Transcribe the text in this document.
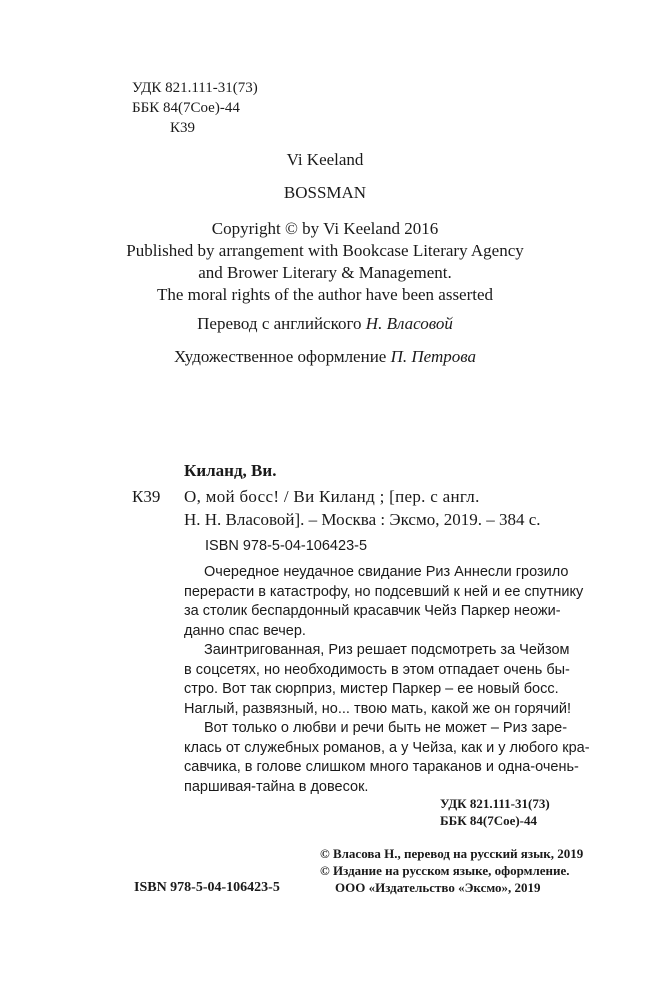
УДК 821.111-31(73)
ББК 84(7Сое)-44
К39
Vi Keeland
BOSSMAN
Copyright © by Vi Keeland 2016
Published by arrangement with Bookcase Literary Agency
and Brower Literary & Management.
The moral rights of the author have been asserted
Перевод с английского Н. Власовой
Художественное оформление П. Петрова
Киланд, Ви.
К39 О, мой босс! / Ви Киланд ; [пер. с англ.
Н. Н. Власовой]. – Москва : Эксмо, 2019. – 384 с.
ISBN 978-5-04-106423-5
Очередное неудачное свидание Риз Аннесли грозило
перерасти в катастрофу, но подсевший к ней и ее спутнику
за столик беспардонный красавчик Чейз Паркер неожи-
данно спас вечер.
Заинтригованная, Риз решает подсмотреть за Чейзом
в соцсетях, но необходимость в этом отпадает очень бы-
стро. Вот так сюрприз, мистер Паркер – ее новый босс.
Наглый, развязный, но... твою мать, какой же он горячий!
Вот только о любви и речи быть не может – Риз заре-
клась от служебных романов, а у Чейза, как и у любого кра-
савчика, в голове слишком много тараканов и одна-очень-
паршивая-тайна в довесок.
УДК 821.111-31(73)
ББК 84(7Сое)-44
© Власова Н., перевод на русский язык, 2019
© Издание на русском языке, оформление.
ISBN 978-5-04-106423-5	ООО «Издательство «Эксмо», 2019
